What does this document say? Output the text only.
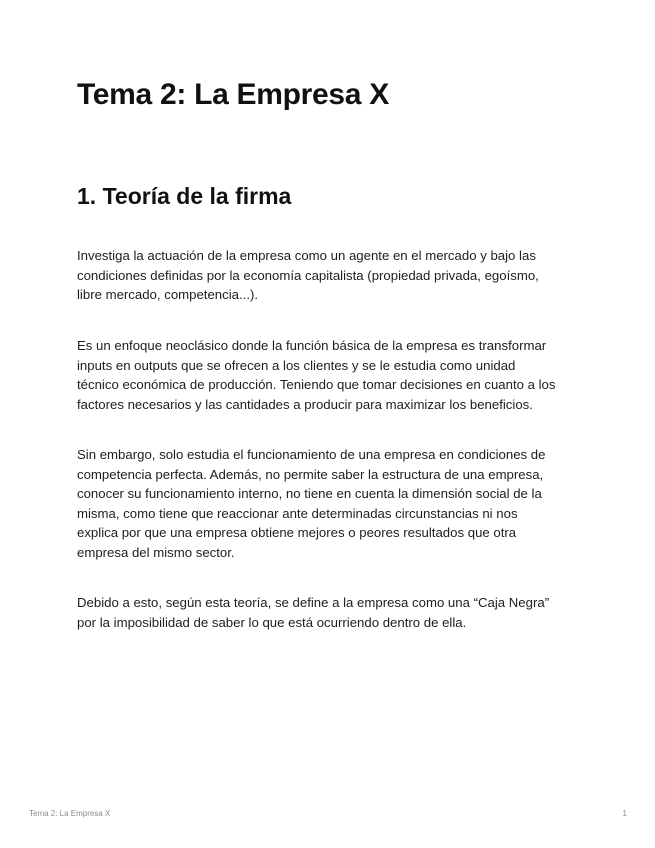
Tema 2: La Empresa X
1. Teoría de la firma

Investiga la actuación de la empresa como un agente en el mercado y bajo las
condiciones definidas por la economía capitalista (propiedad privada, egoísmo,
libre mercado, competencia...).

Es un enfoque neoclásico donde la función básica de la empresa es transformar
inputs en outputs que se ofrecen a los clientes y se le estudia como unidad
técnico económica de producción. Teniendo que tomar decisiones en cuanto a los
factores necesarios y las cantidades a producir para maximizar los beneficios.

Sin embargo, solo estudia el funcionamiento de una empresa en condiciones de
competencia perfecta. Además, no permite saber la estructura de una empresa,
conocer su funcionamiento interno, no tiene en cuenta la dimensión social de la
misma, como tiene que reaccionar ante determinadas circunstancias ni nos
explica por que una empresa obtiene mejores o peores resultados que otra
empresa del mismo sector.

Debido a esto, según esta teoría, se define a la empresa como una “Caja Negra”
por la imposibilidad de saber lo que está ocurriendo dentro de ella.

Tema 2: La Empresa X	1
